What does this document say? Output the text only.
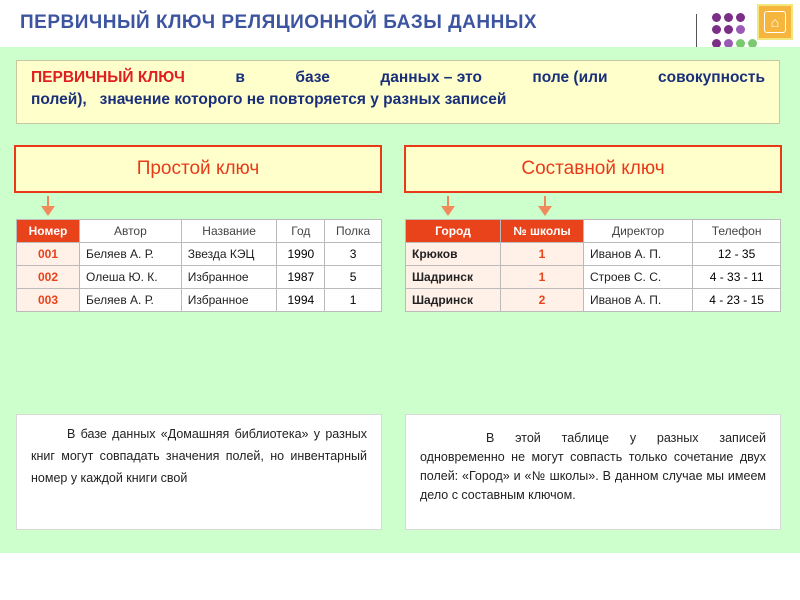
ПЕРВИЧНЫЙ КЛЮЧ РЕЛЯЦИОННОЙ БАЗЫ ДАННЫХ	⌂
ПЕРВИЧНЫЙ КЛЮЧ	в	базе	данных – это	поле (или	совокупность
полей),   значение которого не повторяется у разных записей
Простой ключ	Составной ключ
Номер	Автор	Название	Год	Полка
001	Беляев А. Р.	Звезда КЭЦ	1990	3
002	Олеша Ю. К.	Избранное	1987	5
003	Беляев А. Р.	Избранное	1994	1
Город	№ школы	Директор	Телефон
Крюков	1	Иванов А. П.	12 - 35
Шадринск	1	Строев С. С.	4 - 33 - 11
Шадринск	2	Иванов А. П.	4 - 23 - 15
В базе данных «Домашняя библиотека» у разных книг могут совпадать значения полей, но инвентарный номер у каждой книги свой
В этой таблице у разных записей одновременно не могут совпасть только сочетание двух полей: «Город» и «№ школы». В данном случае мы имеем дело с составным ключом.
